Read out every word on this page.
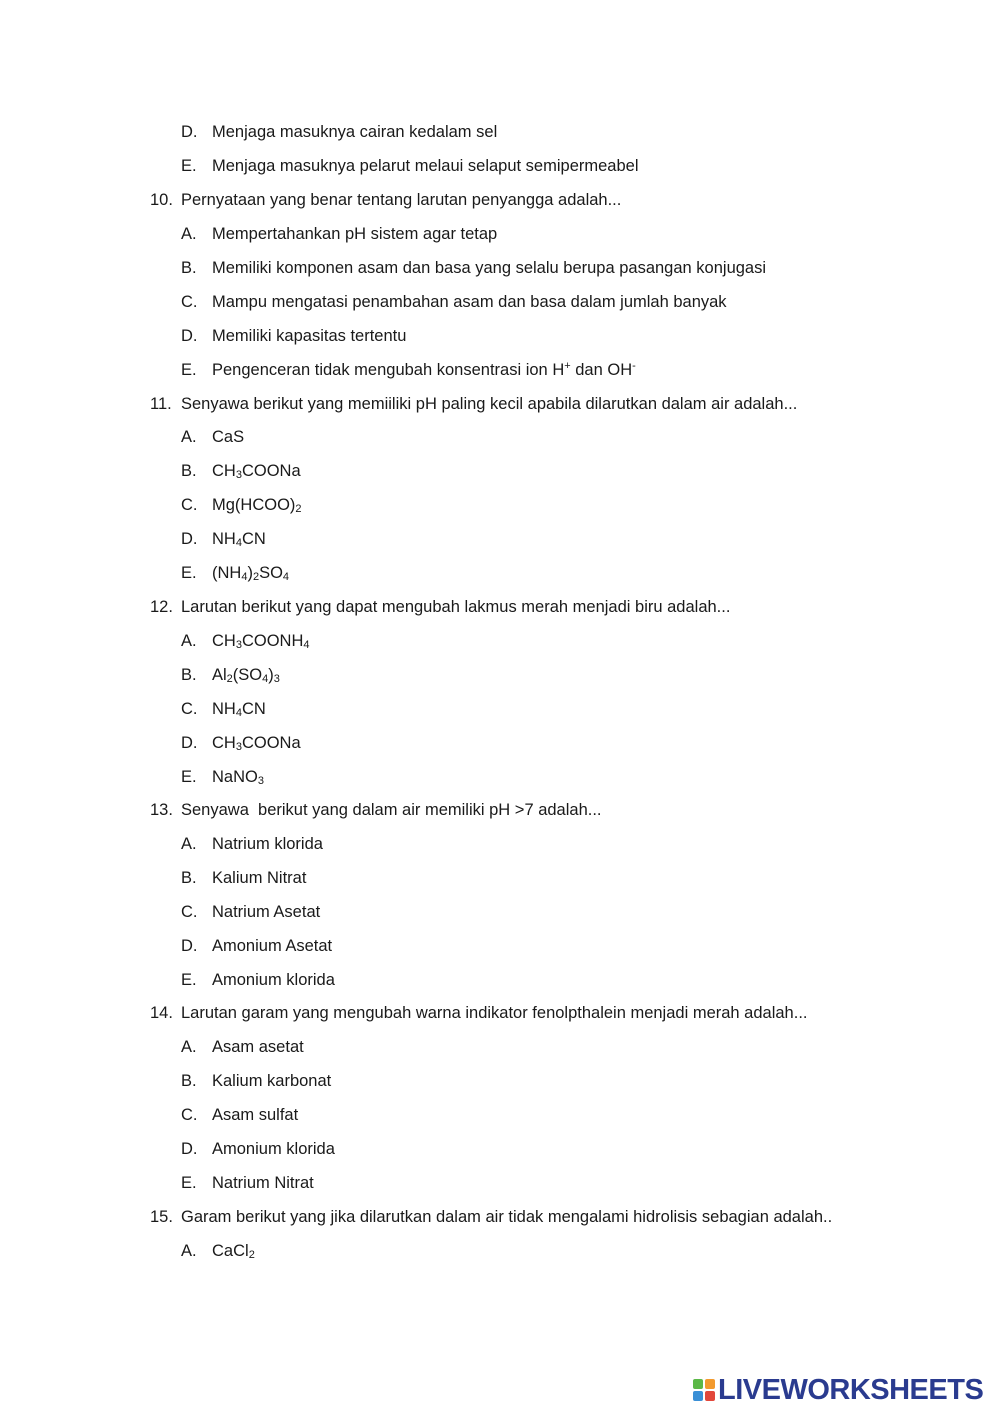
D. Menjaga masuknya cairan kedalam sel
E. Menjaga masuknya pelarut melaui selaput semipermeabel
10. Pernyataan yang benar tentang larutan penyangga adalah...
A. Mempertahankan pH sistem agar tetap
B. Memiliki komponen asam dan basa yang selalu berupa pasangan konjugasi
C. Mampu mengatasi penambahan asam dan basa dalam jumlah banyak
D. Memiliki kapasitas tertentu
E. Pengenceran tidak mengubah konsentrasi ion H+ dan OH-
11. Senyawa berikut yang memiiliki pH paling kecil apabila dilarutkan dalam air adalah...
A. CaS
B. $CH_3COONa$
C. $Mg(HCOO)_2$
D. $NH_4CN$
E. $(NH_4)_2SO_4$
12. Larutan berikut yang dapat mengubah lakmus merah menjadi biru adalah...
A. $CH_3COONH_4$
B. $Al_2(SO_4)_3$
C. $NH_4CN$
D. $CH_3COONa$
E. NaNO$_3$
13. Senyawa  berikut yang dalam air memiliki pH >7 adalah...
A. Natrium klorida
B. Kalium Nitrat
C. Natrium Asetat
D. Amonium Asetat
E. Amonium klorida
14. Larutan garam yang mengubah warna indikator fenolpthalein menjadi merah adalah...
A. Asam asetat
B. Kalium karbonat
C. Asam sulfat
D. Amonium klorida
E. Natrium Nitrat
15. Garam berikut yang jika dilarutkan dalam air tidak mengalami hidrolisis sebagian adalah..
A. CaCl$_2$
LIVEWORKSHEETS
